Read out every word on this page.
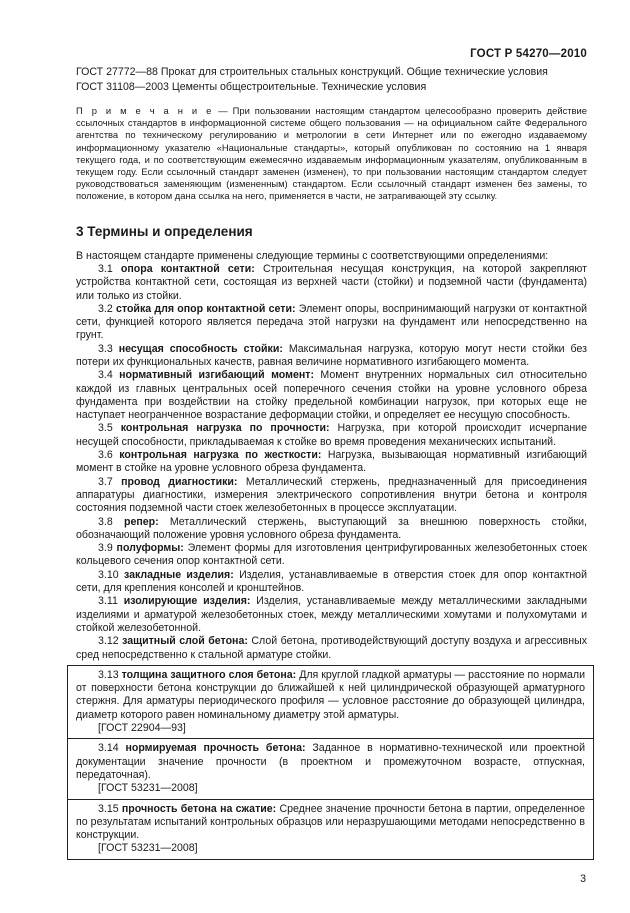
ГОСТ Р 54270—2010
ГОСТ 27772—88 Прокат для строительных стальных конструкций. Общие технические условия
ГОСТ 31108—2003 Цементы общестроительные. Технические условия
П р и м е ч а н и е — При пользовании настоящим стандартом целесообразно проверить действие ссылочных стандартов в информационной системе общего пользования — на официальном сайте Федерального агентства по техническому регулированию и метрологии в сети Интернет или по ежегодно издаваемому информационному указателю «Национальные стандарты», который опубликован по состоянию на 1 января текущего года, и по соответствующим ежемесячно издаваемым информационным указателям, опубликованным в текущем году. Если ссылочный стандарт заменен (изменен), то при пользовании настоящим стандартом следует руководствоваться заменяющим (измененным) стандартом. Если ссылочный стандарт изменен без замены, то положение, в котором дана ссылка на него, применяется в части, не затрагивающей эту ссылку.
3 Термины и определения
В настоящем стандарте применены следующие термины с соответствующими определениями:
3.1 опора контактной сети: Строительная несущая конструкция, на которой закрепляют устройства контактной сети, состоящая из верхней части (стойки) и подземной части (фундамента) или только из стойки.
3.2 стойка для опор контактной сети: Элемент опоры, воспринимающий нагрузки от контактной сети, функцией которого является передача этой нагрузки на фундамент или непосредственно на грунт.
3.3 несущая способность стойки: Максимальная нагрузка, которую могут нести стойки без потери их функциональных качеств, равная величине нормативного изгибающего момента.
3.4 нормативный изгибающий момент: Момент внутренних нормальных сил относительно каждой из главных центральных осей поперечного сечения стойки на уровне условного обреза фундамента при воздействии на стойку предельной комбинации нагрузок, при которых еще не наступает неогранченное возрастание деформации стойки, и определяет ее несущую способность.
3.5 контрольная нагрузка по прочности: Нагрузка, при которой происходит исчерпание несущей способности, прикладываемая к стойке во время проведения механических испытаний.
3.6 контрольная нагрузка по жесткости: Нагрузка, вызывающая нормативный изгибающий момент в стойке на уровне условного обреза фундамента.
3.7 провод диагностики: Металлический стержень, предназначенный для присоединения аппаратуры диагностики, измерения электрического сопротивления внутри бетона и контроля состояния подземной части стоек железобетонных в процессе эксплуатации.
3.8 репер: Металлический стержень, выступающий за внешнюю поверхность стойки, обозначающий положение уровня условного обреза фундамента.
3.9 полуформы: Элемент формы для изготовления центрифугированных железобетонных стоек кольцевого сечения опор контактной сети.
3.10 закладные изделия: Изделия, устанавливаемые в отверстия стоек для опор контактной сети, для крепления консолей и кронштейнов.
3.11 изолирующие изделия: Изделия, устанавливаемые между металлическими закладными изделиями и арматурой железобетонных стоек, между металлическими хомутами и полухомутами и стойкой железобетонной.
3.12 защитный слой бетона: Слой бетона, противодействующий доступу воздуха и агрессивных сред непосредственно к стальной арматуре стойки.
3.13 толщина защитного слоя бетона: Для круглой гладкой арматуры — расстояние по нормали от поверхности бетона конструкции до ближайшей к ней цилиндрической образующей арматурного стержня. Для арматуры периодического профиля — условное расстояние до образующей цилиндра, диаметр которого равен номинальному диаметру этой арматуры.
[ГОСТ 22904—93]
3.14 нормируемая прочность бетона: Заданное в нормативно-технической или проектной документации значение прочности (в проектном и промежуточном возрасте, отпускная, передаточная).
[ГОСТ 53231—2008]
3.15 прочность бетона на сжатие: Среднее значение прочности бетона в партии, определенное по результатам испытаний контрольных образцов или неразрушающими методами непосредственно в конструкции.
[ГОСТ 53231—2008]
3
